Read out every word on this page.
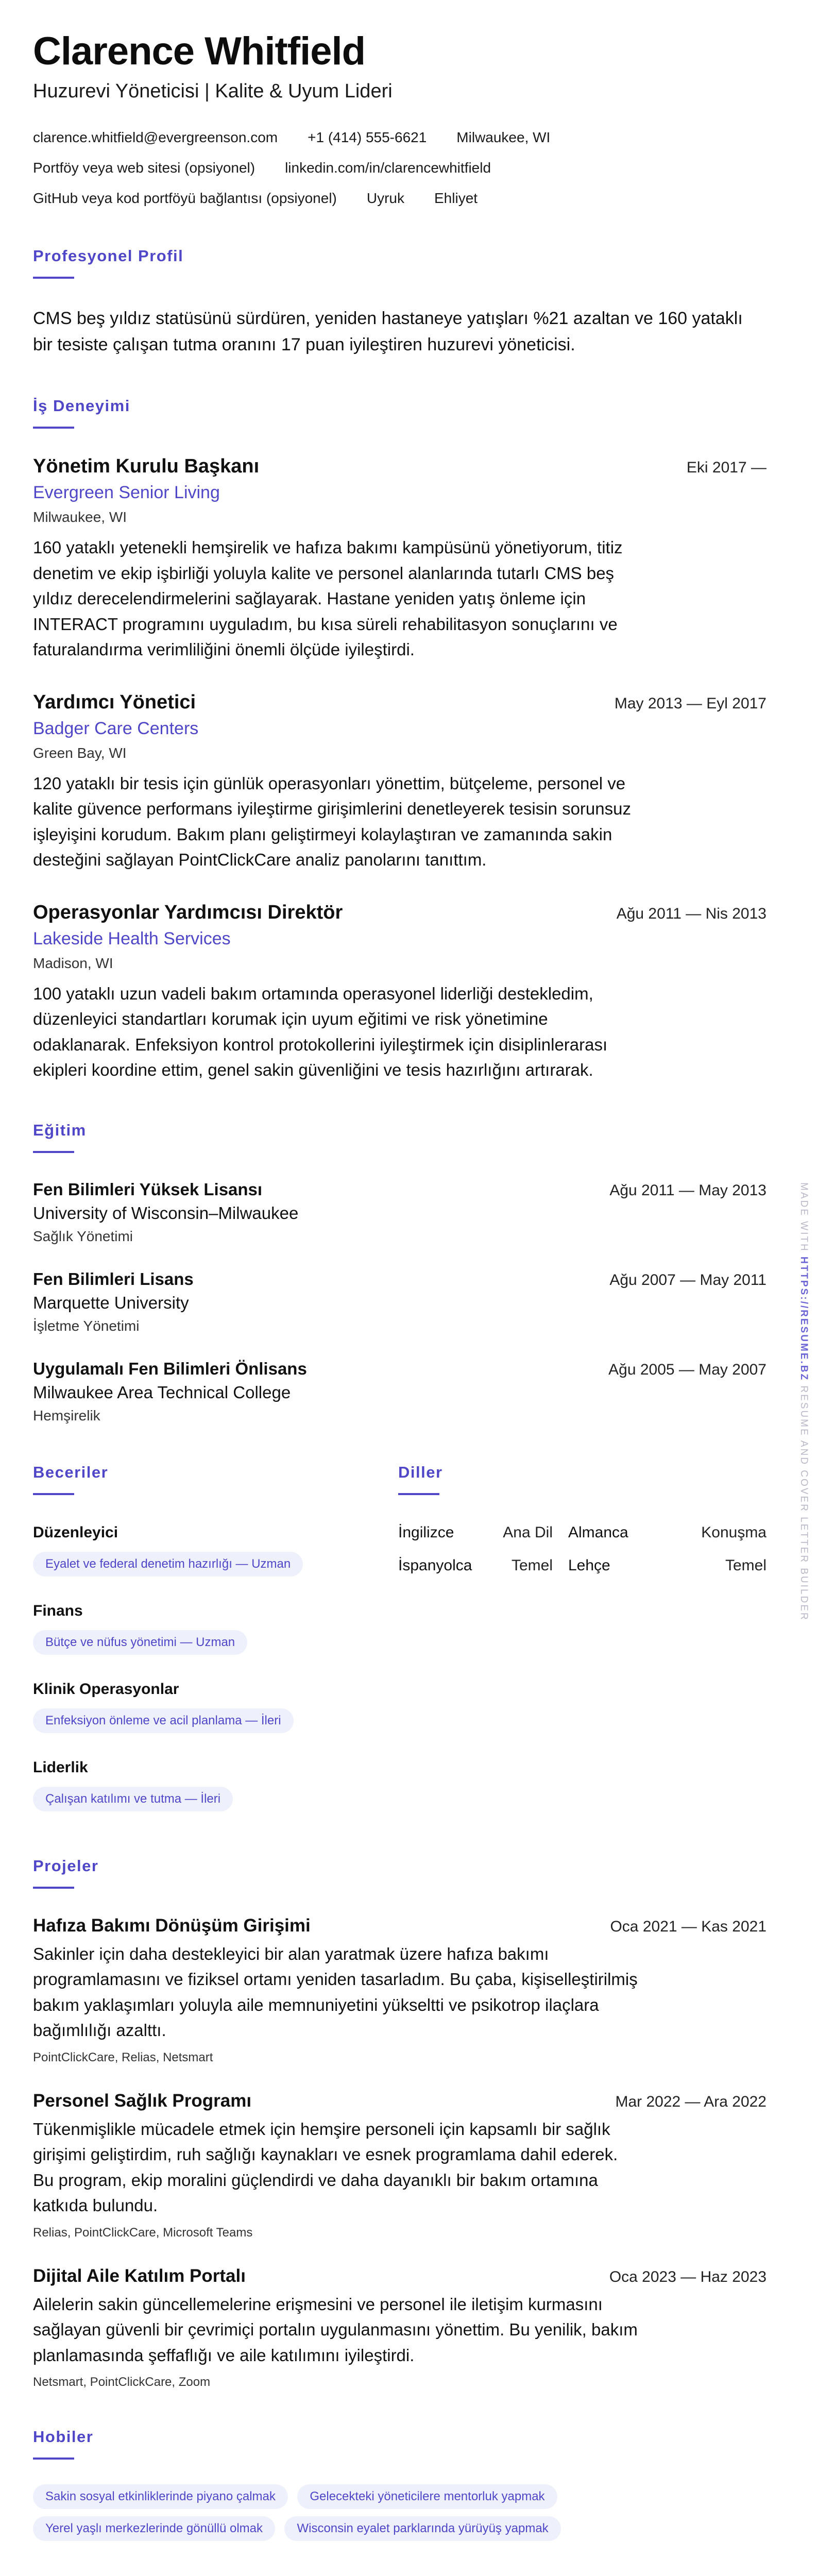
Clarence Whitfield
Huzurevi Yöneticisi | Kalite & Uyum Lideri
clarence.whitfield@evergreenson.com +1 (414) 555-6621 Milwaukee, WI
Portföy veya web sitesi (opsiyonel) linkedin.com/in/clarencewhitfield
GitHub veya kod portföyü bağlantısı (opsiyonel) Uyruk Ehliyet
Profesyonel Profil
CMS beş yıldız statüsünü sürdüren, yeniden hastaneye yatışları %21 azaltan ve 160 yataklı bir tesiste çalışan tutma oranını 17 puan iyileştiren huzurevi yöneticisi.
İş Deneyimi
Yönetim Kurulu Başkanı	Eki 2017 —
Evergreen Senior Living
Milwaukee, WI
160 yataklı yetenekli hemşirelik ve hafıza bakımı kampüsünü yönetiyorum, titiz denetim ve ekip işbirliği yoluyla kalite ve personel alanlarında tutarlı CMS beş yıldız derecelendirmelerini sağlayarak. Hastane yeniden yatış önleme için INTERACT programını uyguladım, bu kısa süreli rehabilitasyon sonuçlarını ve faturalandırma verimliliğini önemli ölçüde iyileştirdi.
Yardımcı Yönetici	May 2013 — Eyl 2017
Badger Care Centers
Green Bay, WI
120 yataklı bir tesis için günlük operasyonları yönettim, bütçeleme, personel ve kalite güvence performans iyileştirme girişimlerini denetleyerek tesisin sorunsuz işleyişini korudum. Bakım planı geliştirmeyi kolaylaştıran ve zamanında sakin desteğini sağlayan PointClickCare analiz panolarını tanıttım.
Operasyonlar Yardımcısı Direktör	Ağu 2011 — Nis 2013
Lakeside Health Services
Madison, WI
100 yataklı uzun vadeli bakım ortamında operasyonel liderliği destekledim, düzenleyici standartları korumak için uyum eğitimi ve risk yönetimine odaklanarak. Enfeksiyon kontrol protokollerini iyileştirmek için disiplinlerarası ekipleri koordine ettim, genel sakin güvenliğini ve tesis hazırlığını artırarak.
Eğitim
Fen Bilimleri Yüksek Lisansı	Ağu 2011 — May 2013
University of Wisconsin–Milwaukee
Sağlık Yönetimi
Fen Bilimleri Lisans	Ağu 2007 — May 2011
Marquette University
İşletme Yönetimi
Uygulamalı Fen Bilimleri Önlisans	Ağu 2005 — May 2007
Milwaukee Area Technical College
Hemşirelik
Beceriler
Düzenleyici
Eyalet ve federal denetim hazırlığı — Uzman
Finans
Bütçe ve nüfus yönetimi — Uzman
Klinik Operasyonlar
Enfeksiyon önleme ve acil planlama — İleri
Liderlik
Çalışan katılımı ve tutma — İleri
Diller
İngilizce	Ana Dil Almanca	Konuşma
İspanyolca	Temel Lehçe	Temel
Projeler
Hafıza Bakımı Dönüşüm Girişimi	Oca 2021 — Kas 2021
Sakinler için daha destekleyici bir alan yaratmak üzere hafıza bakımı programlamasını ve fiziksel ortamı yeniden tasarladım. Bu çaba, kişiselleştirilmiş bakım yaklaşımları yoluyla aile memnuniyetini yükseltti ve psikotrop ilaçlara bağımlılığı azalttı.
PointClickCare, Relias, Netsmart
Personel Sağlık Programı	Mar 2022 — Ara 2022
Tükenmişlikle mücadele etmek için hemşire personeli için kapsamlı bir sağlık girişimi geliştirdim, ruh sağlığı kaynakları ve esnek programlama dahil ederek. Bu program, ekip moralini güçlendirdi ve daha dayanıklı bir bakım ortamına katkıda bulundu.
Relias, PointClickCare, Microsoft Teams
Dijital Aile Katılım Portalı	Oca 2023 — Haz 2023
Ailelerin sakin güncellemelerine erişmesini ve personel ile iletişim kurmasını sağlayan güvenli bir çevrimiçi portalın uygulanmasını yönettim. Bu yenilik, bakım planlamasında şeffaflığı ve aile katılımını iyileştirdi.
Netsmart, PointClickCare, Zoom
Hobiler
Sakin sosyal etkinliklerinde piyano çalmak	Gelecekteki yöneticilere mentorluk yapmak Yerel yaşlı merkezlerinde gönüllü olmak	Wisconsin eyalet parklarında yürüyüş yapmak
MADE WITH HTTPS://RESUME.BZ RESUME AND COVER LETTER BUILDER
